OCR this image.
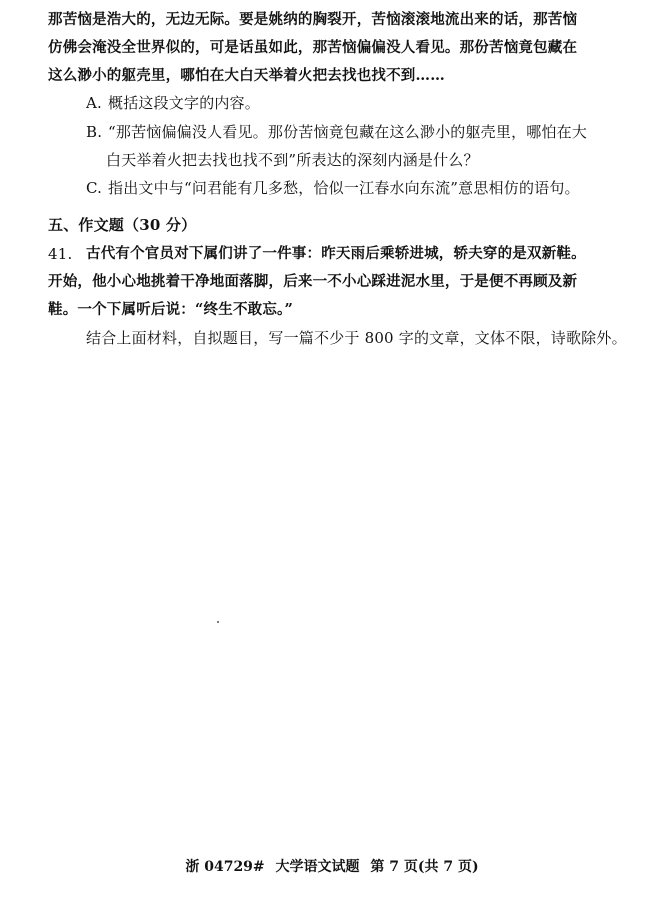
那苦恼是浩大的，无边无际。要是姚纳的胸裂开，苦恼滚滚地流出来的话，那苦恼
仿佛会淹没全世界似的，可是话虽如此，那苦恼偏偏没人看见。那份苦恼竟包藏在
这么渺小的躯壳里，哪怕在大白天举着火把去找也找不到……
A. 概括这段文字的内容。
B. “那苦恼偏偏没人看见。那份苦恼竟包藏在这么渺小的躯壳里，哪怕在大
白天举着火把去找也找不到”所表达的深刻内涵是什么？
C. 指出文中与“问君能有几多愁，恰似一江春水向东流”意思相仿的语句。
五、作文题（30 分）
41. 古代有个官员对下属们讲了一件事：昨天雨后乘轿进城，轿夫穿的是双新鞋。
开始，他小心地挑着干净地面落脚，后来一不小心踩进泥水里，于是便不再顾及新
鞋。一个下属听后说：“终生不敢忘。”
结合上面材料，自拟题目，写一篇不少于 800 字的文章，文体不限，诗歌除外。
浙 04729# 大学语文试题 第 7 页(共 7 页)
